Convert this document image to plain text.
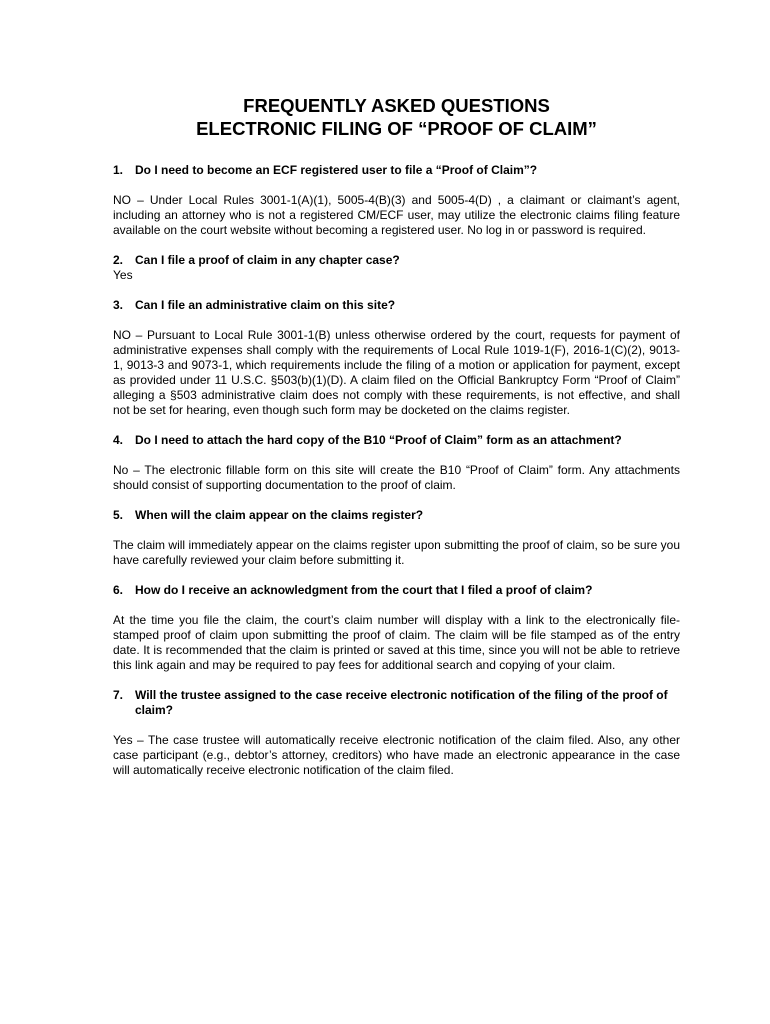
FREQUENTLY ASKED QUESTIONS
ELECTRONIC FILING OF “PROOF OF CLAIM”

1. Do I need to become an ECF registered user to file a “Proof of Claim”?

NO – Under Local Rules 3001-1(A)(1), 5005-4(B)(3) and 5005-4(D) , a claimant or claimant’s agent, including an attorney who is not a registered CM/ECF user, may utilize the electronic claims filing feature available on the court website without becoming a registered user. No log in or password is required.

2. Can I file a proof of claim in any chapter case?

Yes

3. Can I file an administrative claim on this site?

NO – Pursuant to Local Rule 3001-1(B) unless otherwise ordered by the court, requests for payment of administrative expenses shall comply with the requirements of Local Rule 1019-1(F), 2016-1(C)(2), 9013-1, 9013-3 and 9073-1, which requirements include the filing of a motion or application for payment, except as provided under 11 U.S.C. §503(b)(1)(D). A claim filed on the Official Bankruptcy Form “Proof of Claim” alleging a §503 administrative claim does not comply with these requirements, is not effective, and shall not be set for hearing, even though such form may be docketed on the claims register.

4. Do I need to attach the hard copy of the B10 “Proof of Claim” form as an attachment?

No – The electronic fillable form on this site will create the B10 “Proof of Claim” form. Any attachments should consist of supporting documentation to the proof of claim.

5. When will the claim appear on the claims register?

The claim will immediately appear on the claims register upon submitting the proof of claim, so be sure you have carefully reviewed your claim before submitting it.

6. How do I receive an acknowledgment from the court that I filed a proof of claim?

At the time you file the claim, the court’s claim number will display with a link to the electronically file-stamped proof of claim upon submitting the proof of claim. The claim will be file stamped as of the entry date. It is recommended that the claim is printed or saved at this time, since you will not be able to retrieve this link again and may be required to pay fees for additional search and copying of your claim.

7. Will the trustee assigned to the case receive electronic notification of the filing of the proof of claim?

Yes – The case trustee will automatically receive electronic notification of the claim filed. Also, any other case participant (e.g., debtor’s attorney, creditors) who have made an electronic appearance in the case will automatically receive electronic notification of the claim filed.
